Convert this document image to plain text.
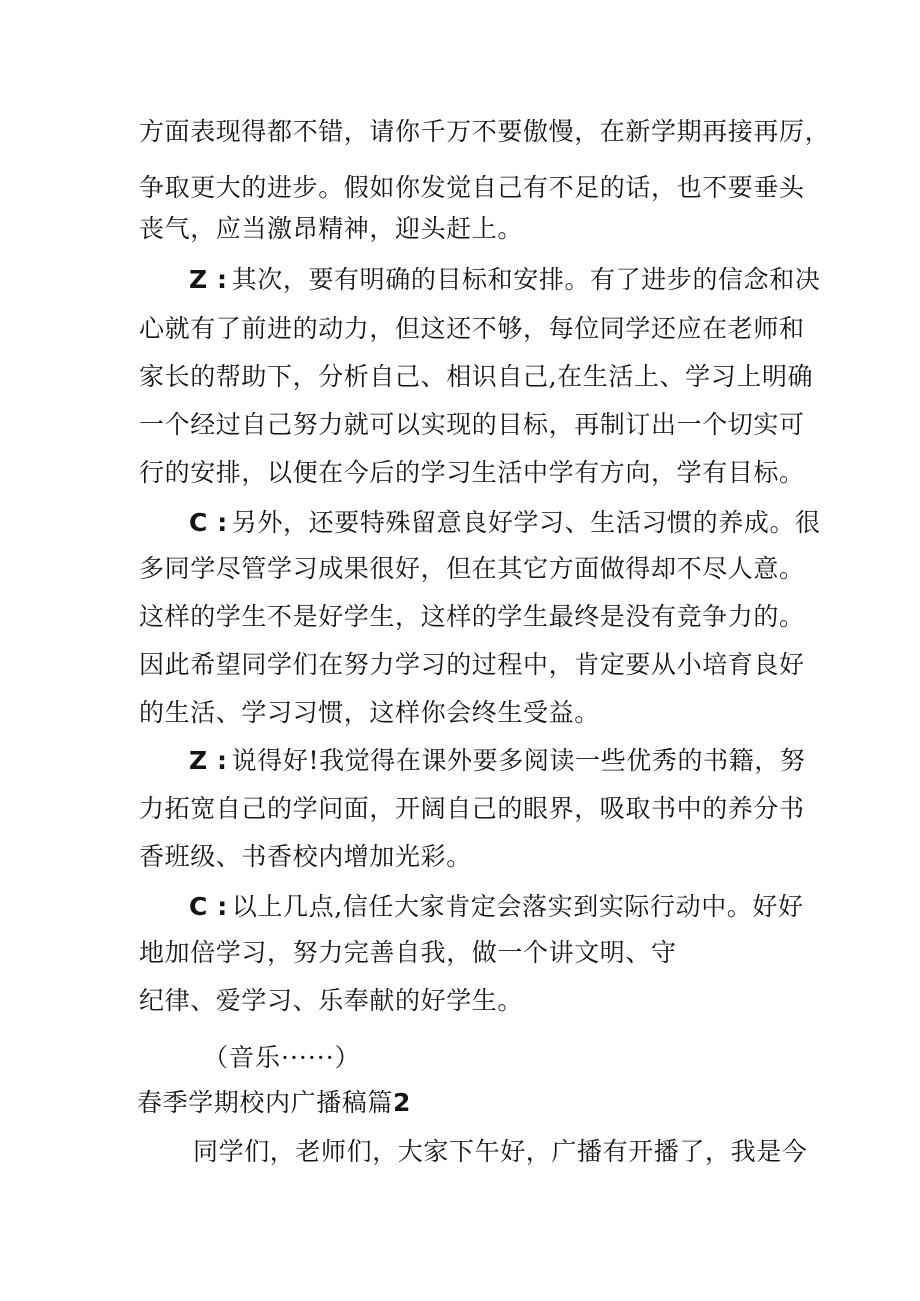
方面表现得都不错，请你千万不要傲慢，在新学期再接再厉，
争取更大的进步。假如你发觉自己有不足的话，也不要垂头
丧气，应当激昂精神，迎头赶上。
Z : 其次，要有明确的目标和安排。有了进步的信念和决
心就有了前进的动力，但这还不够，每位同学还应在老师和
家长的帮助下，分析自己、相识自己,在生活上、学习上明确
一个经过自己努力就可以实现的目标，再制订出一个切实可
行的安排，以便在今后的学习生活中学有方向，学有目标。
C : 另外，还要特殊留意良好学习、生活习惯的养成。很
多同学尽管学习成果很好，但在其它方面做得却不尽人意。
这样的学生不是好学生，这样的学生最终是没有竞争力的。
因此希望同学们在努力学习的过程中，肯定要从小培育良好
的生活、学习习惯，这样你会终生受益。
Z : 说得好!我觉得在课外要多阅读一些优秀的书籍，努
力拓宽自己的学问面，开阔自己的眼界，吸取书中的养分书
香班级、书香校内增加光彩。
C : 以上几点,信任大家肯定会落实到实际行动中。好好
地加倍学习，努力完善自我，做一个讲文明、守
纪律、爱学习、乐奉献的好学生。
（音乐······）
春季学期校内广播稿篇2
同学们，老师们，大家下午好，广播有开播了，我是今
